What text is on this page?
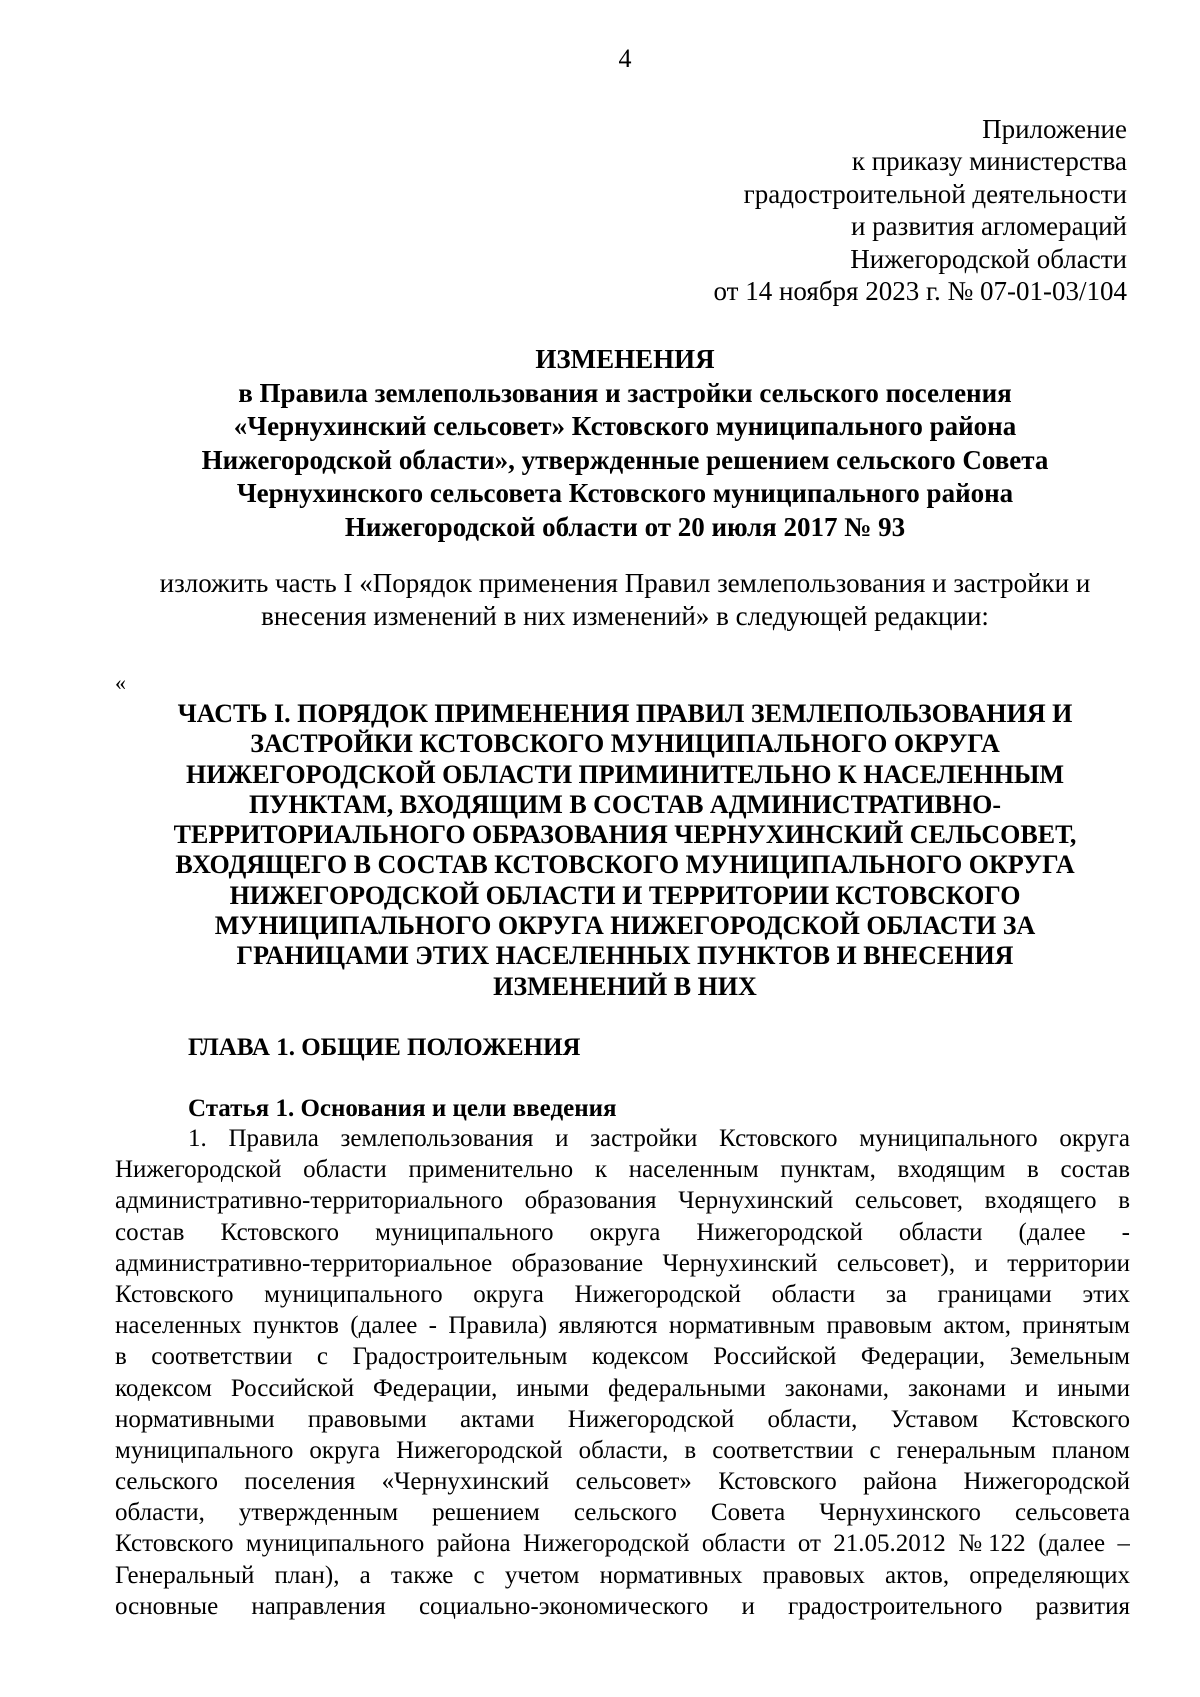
4
Приложение
к приказу министерства
градостроительной деятельности
и развития агломераций
Нижегородской области
от 14 ноября 2023 г. № 07-01-03/104
ИЗМЕНЕНИЯ
в Правила землепользования и застройки сельского поселения
«Чернухинский сельсовет» Кстовского муниципального района
Нижегородской области», утвержденные решением сельского Совета
Чернухинского сельсовета Кстовского муниципального района
Нижегородской области от 20 июля 2017 № 93
изложить часть I «Порядок применения Правил землепользования и застройки и
внесения изменений в них изменений» в следующей редакции:
«
ЧАСТЬ I. ПОРЯДОК ПРИМЕНЕНИЯ ПРАВИЛ ЗЕМЛЕПОЛЬЗОВАНИЯ И
ЗАСТРОЙКИ КСТОВСКОГО МУНИЦИПАЛЬНОГО ОКРУГА
НИЖЕГОРОДСКОЙ ОБЛАСТИ ПРИМИНИТЕЛЬНО К НАСЕЛЕННЫМ
ПУНКТАМ, ВХОДЯЩИМ В СОСТАВ АДМИНИСТРАТИВНО-
ТЕРРИТОРИАЛЬНОГО ОБРАЗОВАНИЯ ЧЕРНУХИНСКИЙ СЕЛЬСОВЕТ,
ВХОДЯЩЕГО В СОСТАВ КСТОВСКОГО МУНИЦИПАЛЬНОГО ОКРУГА
НИЖЕГОРОДСКОЙ ОБЛАСТИ И ТЕРРИТОРИИ КСТОВСКОГО
МУНИЦИПАЛЬНОГО ОКРУГА НИЖЕГОРОДСКОЙ ОБЛАСТИ ЗА
ГРАНИЦАМИ ЭТИХ НАСЕЛЕННЫХ ПУНКТОВ И ВНЕСЕНИЯ
ИЗМЕНЕНИЙ В НИХ
ГЛАВА 1. ОБЩИЕ ПОЛОЖЕНИЯ
Статья 1. Основания и цели введения
1. Правила землепользования и застройки Кстовского муниципального округа
Нижегородской области применительно к населенным пунктам, входящим в состав
административно-территориального образования Чернухинский сельсовет, входящего в
состав Кстовского муниципального округа Нижегородской области (далее -
административно-территориальное образование Чернухинский сельсовет), и территории
Кстовского муниципального округа Нижегородской области за границами этих
населенных пунктов (далее - Правила) являются нормативным правовым актом, принятым
в соответствии с Градостроительным кодексом Российской Федерации, Земельным
кодексом Российской Федерации, иными федеральными законами, законами и иными
нормативными правовыми актами Нижегородской области, Уставом Кстовского
муниципального округа Нижегородской области, в соответствии с генеральным планом
сельского поселения «Чернухинский сельсовет» Кстовского района Нижегородской
области, утвержденным решением сельского Совета Чернухинского сельсовета
Кстовского муниципального района Нижегородской области от 21.05.2012 №122 (далее –
Генеральный план), а также с учетом нормативных правовых актов, определяющих
основные направления социально-экономического и градостроительного развития
